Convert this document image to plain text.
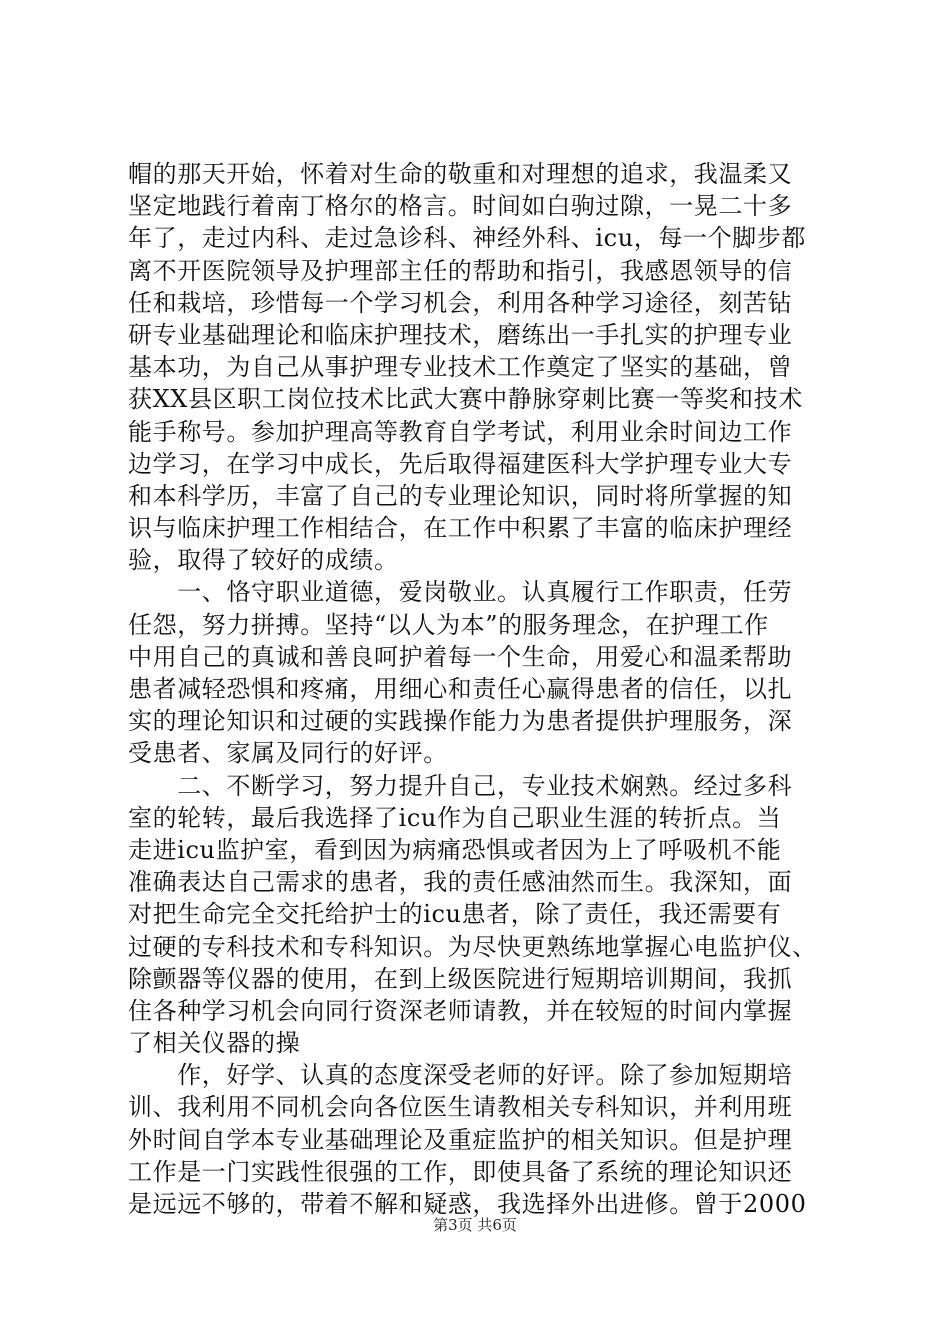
帽的那天开始，怀着对生命的敬重和对理想的追求，我温柔又
坚定地践行着南丁格尔的格言。时间如白驹过隙，一晃二十多
年了，走过内科、走过急诊科、神经外科、icu，每一个脚步都
离不开医院领导及护理部主任的帮助和指引，我感恩领导的信
任和栽培，珍惜每一个学习机会，利用各种学习途径，刻苦钻
研专业基础理论和临床护理技术，磨练出一手扎实的护理专业
基本功，为自己从事护理专业技术工作奠定了坚实的基础，曾
获XX县区职工岗位技术比武大赛中静脉穿刺比赛一等奖和技术
能手称号。参加护理高等教育自学考试，利用业余时间边工作
边学习，在学习中成长，先后取得福建医科大学护理专业大专
和本科学历，丰富了自己的专业理论知识，同时将所掌握的知
识与临床护理工作相结合，在工作中积累了丰富的临床护理经
验，取得了较好的成绩。
　　一、恪守职业道德，爱岗敬业。认真履行工作职责，任劳
任怨，努力拼搏。坚持“以人为本”的服务理念，在护理工作
中用自己的真诚和善良呵护着每一个生命，用爱心和温柔帮助
患者减轻恐惧和疼痛，用细心和责任心赢得患者的信任，以扎
实的理论知识和过硬的实践操作能力为患者提供护理服务，深
受患者、家属及同行的好评。
　　二、不断学习，努力提升自己，专业技术娴熟。经过多科
室的轮转，最后我选择了icu作为自己职业生涯的转折点。当
走进icu监护室，看到因为病痛恐惧或者因为上了呼吸机不能
准确表达自己需求的患者，我的责任感油然而生。我深知，面
对把生命完全交托给护士的icu患者，除了责任，我还需要有
过硬的专科技术和专科知识。为尽快更熟练地掌握心电监护仪、
除颤器等仪器的使用，在到上级医院进行短期培训期间，我抓
住各种学习机会向同行资深老师请教，并在较短的时间内掌握
了相关仪器的操
　　作，好学、认真的态度深受老师的好评。除了参加短期培
训、我利用不同机会向各位医生请教相关专科知识，并利用班
外时间自学本专业基础理论及重症监护的相关知识。但是护理
工作是一门实践性很强的工作，即使具备了系统的理论知识还
是远远不够的，带着不解和疑惑，我选择外出进修。曾于2000
第3页 共6页
